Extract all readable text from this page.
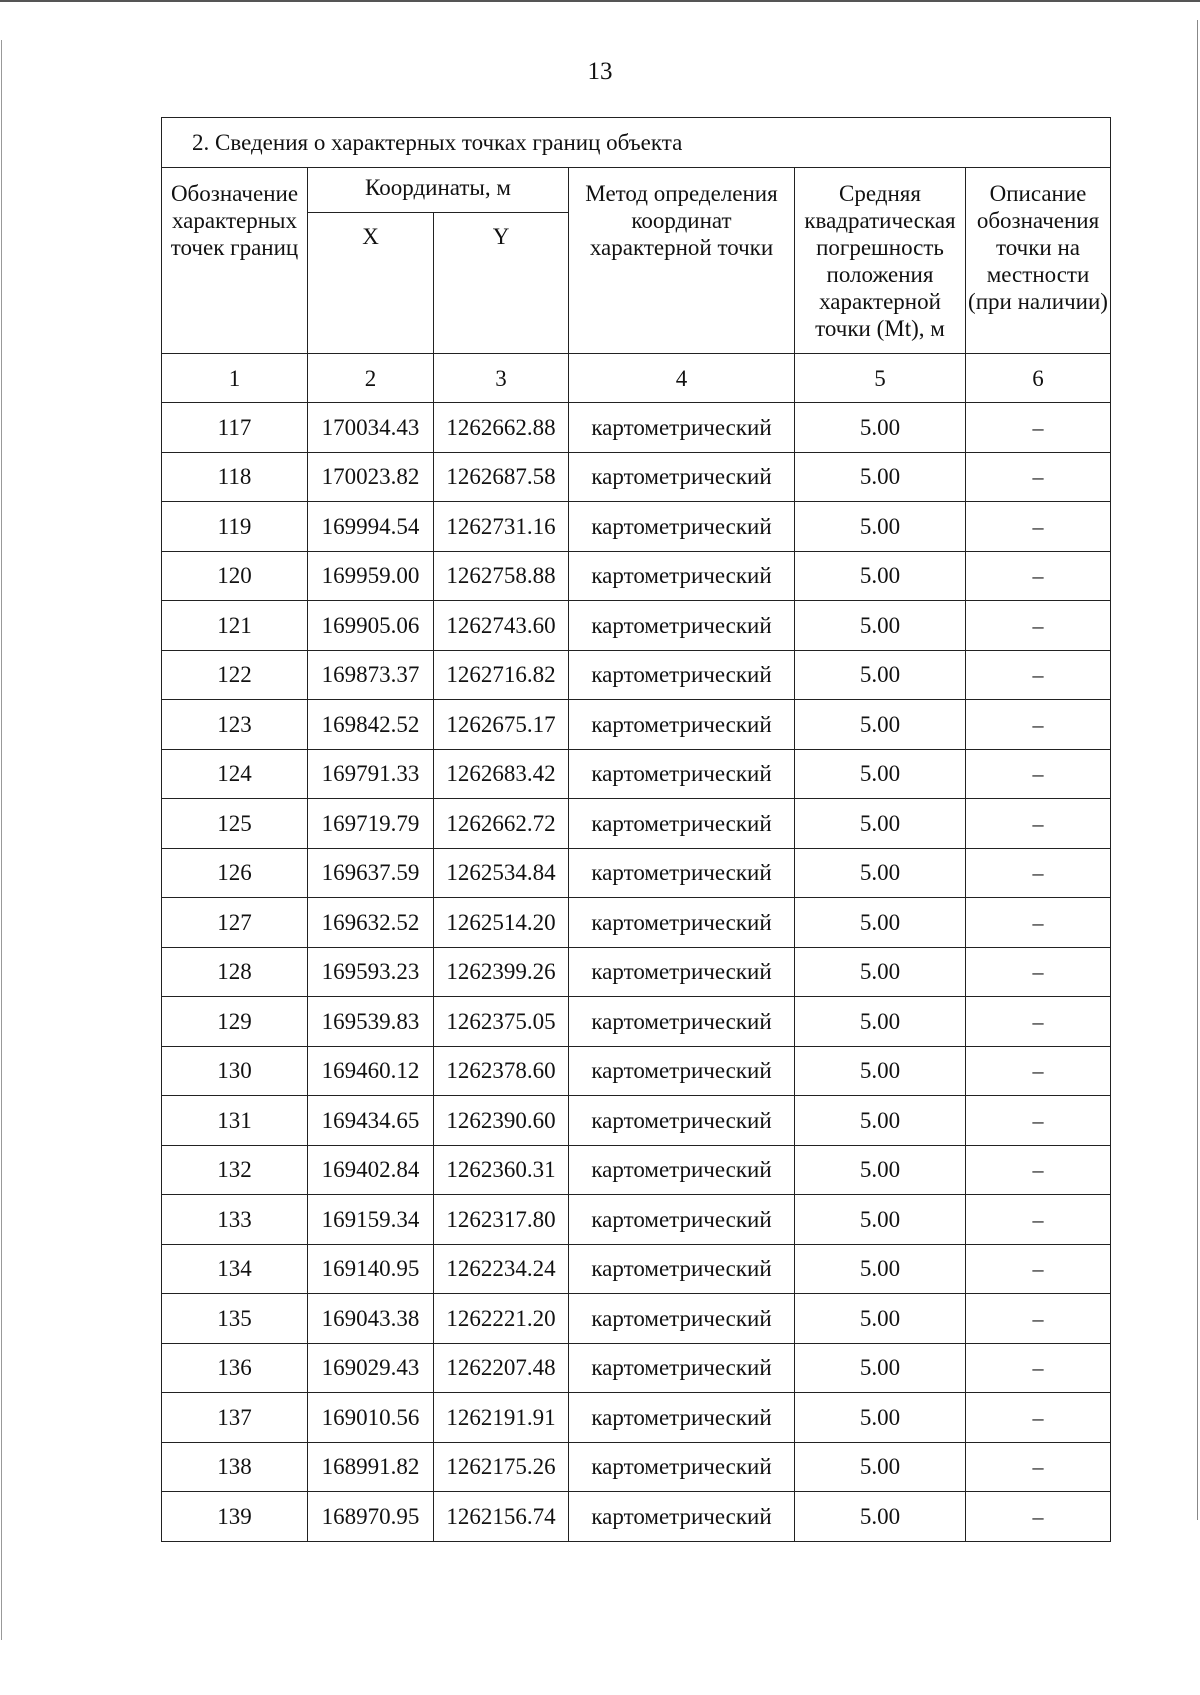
13
2. Сведения о характерных точках границ объекта					
Обозначение характерных точек границ	Координаты, м		Метод определения координат характерной точки	Средняя квадратическая погрешность положения характерной точки (Mt), м	Описание обозначения точки на местности (при наличии)
	X	Y			
1	2	3	4	5	6
117	170034.43	1262662.88	картометрический	5.00	–
118	170023.82	1262687.58	картометрический	5.00	–
119	169994.54	1262731.16	картометрический	5.00	–
120	169959.00	1262758.88	картометрический	5.00	–
121	169905.06	1262743.60	картометрический	5.00	–
122	169873.37	1262716.82	картометрический	5.00	–
123	169842.52	1262675.17	картометрический	5.00	–
124	169791.33	1262683.42	картометрический	5.00	–
125	169719.79	1262662.72	картометрический	5.00	–
126	169637.59	1262534.84	картометрический	5.00	–
127	169632.52	1262514.20	картометрический	5.00	–
128	169593.23	1262399.26	картометрический	5.00	–
129	169539.83	1262375.05	картометрический	5.00	–
130	169460.12	1262378.60	картометрический	5.00	–
131	169434.65	1262390.60	картометрический	5.00	–
132	169402.84	1262360.31	картометрический	5.00	–
133	169159.34	1262317.80	картометрический	5.00	–
134	169140.95	1262234.24	картометрический	5.00	–
135	169043.38	1262221.20	картометрический	5.00	–
136	169029.43	1262207.48	картометрический	5.00	–
137	169010.56	1262191.91	картометрический	5.00	–
138	168991.82	1262175.26	картометрический	5.00	–
139	168970.95	1262156.74	картометрический	5.00	–
